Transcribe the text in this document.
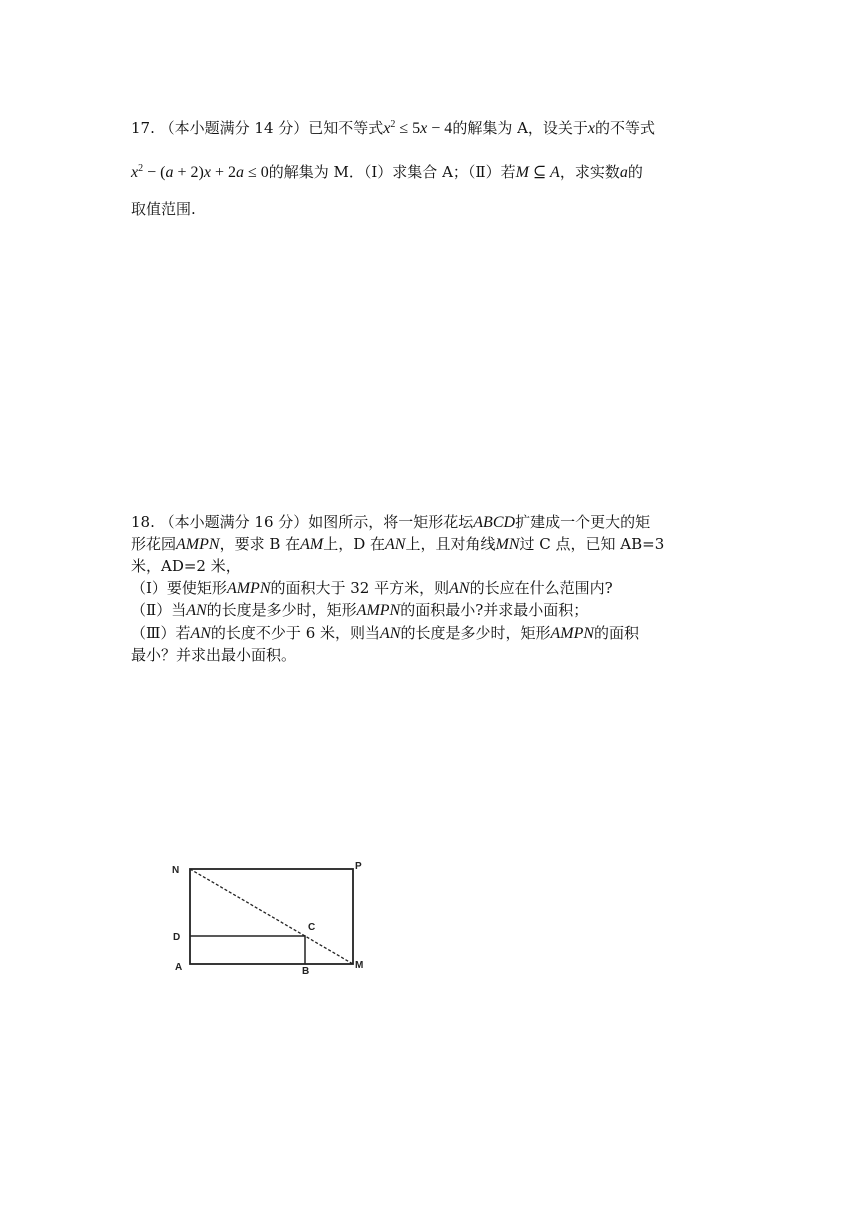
17. （本小题满分 14 分）已知不等式$x^2 \le 5x - 4$的解集为 A，设关于x的不等式
$x^2 - (a + 2)x + 2a \le 0$的解集为 M．（Ⅰ）求集合 A；（Ⅱ）若M ⊆ A，求实数a的
取值范围.
18. （本小题满分 16 分）如图所示，将一矩形花坛ABCD扩建成一个更大的矩
形花园AMPN，要求 B 在AM上，D 在AN上，且对角线MN过 C 点，已知 AB=3
米，AD=2 米，
（Ⅰ）要使矩形AMPN的面积大于 32 平方米，则AN的长应在什么范围内?
（Ⅱ）当AN的长度是多少时，矩形AMPN的面积最小?并求最小面积；
（Ⅲ）若AN的长度不少于 6 米，则当AN的长度是多少时，矩形AMPN的面积
最小？并求出最小面积。
N	P
D
C
A	B
M
